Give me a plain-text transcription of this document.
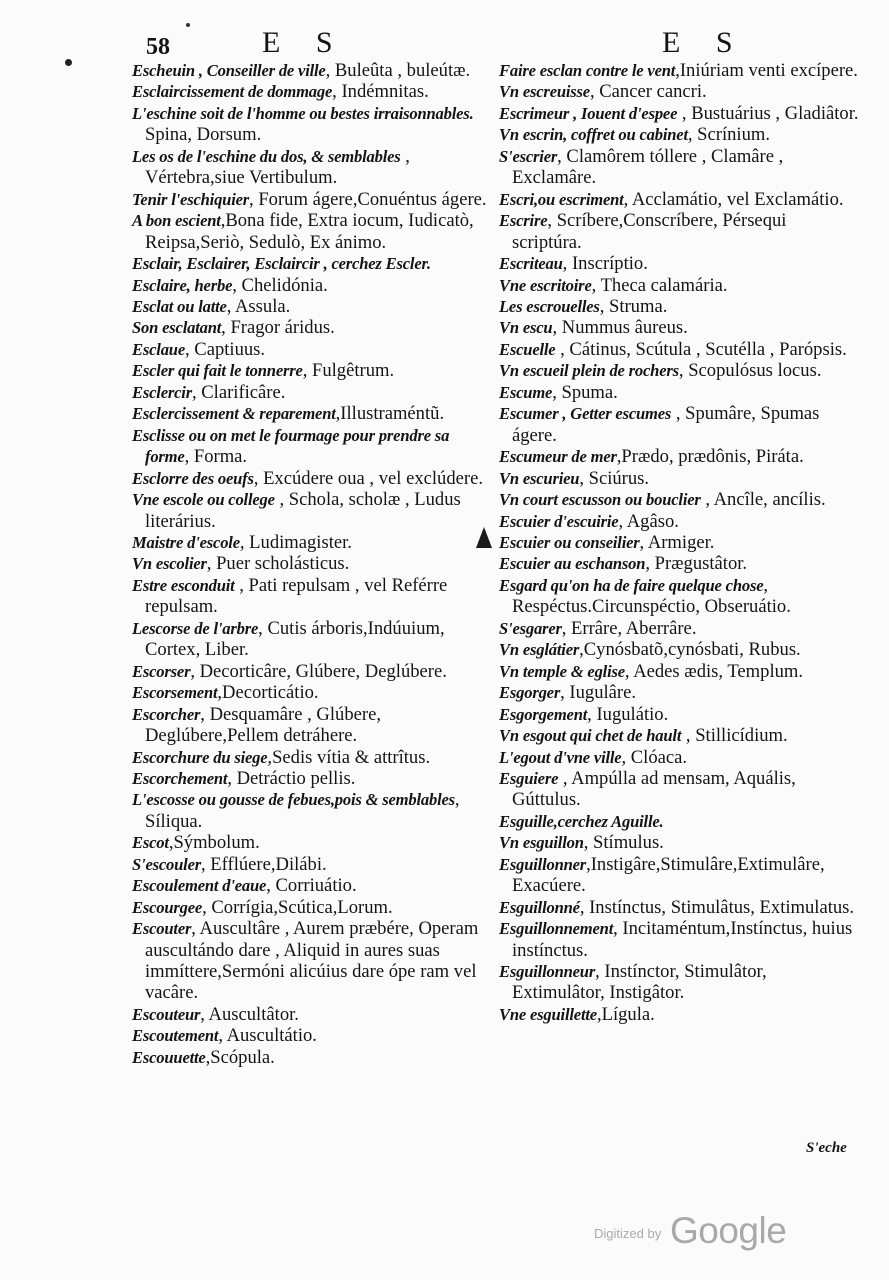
58	E S	E S

Escheuin , Conseiller de ville, Buleûta , buleútæ.

Esclaircissement de dommage, Indémnitas.

L'eschine soit de l'homme ou bestes irraisonnables. Spina, Dorsum.

Les os de l'eschine du dos, & semblables , Vértebra,siue Vertibulum.

Tenir l'eschiquier, Forum ágere,Conuéntus ágere.

A bon escient,Bona fide, Extra iocum, Iudicatò, Reipsa,Seriò, Sedulò, Ex ánimo.

Esclair, Esclairer, Esclaircir , cerchez Escler.

Esclaire, herbe, Chelidónia.

Esclat ou latte, Assula.

Son esclatant, Fragor áridus.

Esclaue, Captiuus.

Escler qui fait le tonnerre, Fulgêtrum.

Esclercir, Clarificâre.

Esclercissement & reparement,Illustraméntũ.

Esclisse ou on met le fourmage pour prendre sa forme, Forma.

Esclorre des oeufs, Excúdere oua , vel exclúdere.

Vne escole ou college , Schola, scholæ , Ludus literárius.

Maistre d'escole, Ludimagister.

Vn escolier, Puer scholásticus.

Estre esconduit , Pati repulsam , vel Reférre repulsam.

Lescorse de l'arbre, Cutis árboris,Indúuium, Cortex, Liber.

Escorser, Decorticâre, Glúbere, Deglúbere.

Escorsement,Decorticátio.

Escorcher, Desquamâre , Glúbere, Deglúbere,Pellem detráhere.

Escorchure du siege,Sedis vítia & attrîtus.

Escorchement, Detráctio pellis.

L'escosse ou gousse de febues,pois & semblables, Síliqua.

Escot,Sýmbolum.

S'escouler, Efflúere,Dilábi.

Escoulement d'eaue, Corriuátio.

Escourgee, Corrígia,Scútica,Lorum.

Escouter, Auscultâre , Aurem præbére, Operam auscultándo dare , Aliquid in aures suas immíttere,Sermóni alicúius dare ópe ram vel vacâre.

Escouteur, Auscultâtor.

Escoutement, Auscultátio.

Escouuette,Scópula.

Faire esclan contre le vent,Iniúriam venti excípere.

Vn escreuisse, Cancer cancri.

Escrimeur , Iouent d'espee , Bustuárius , Gladiâtor.

Vn escrin, coffret ou cabinet, Scrínium.

S'escrier, Clamôrem tóllere , Clamâre , Exclamâre.

Escri,ou escriment, Acclamátio, vel Exclamátio.

Escrire, Scríbere,Conscríbere, Pérsequi scriptúra.

Escriteau, Inscríptio.

Vne escritoire, Theca calamária.

Les escrouelles, Struma.

Vn escu, Nummus âureus.

Escuelle , Cátinus, Scútula , Scutélla , Parópsis.

Vn escueil plein de rochers, Scopulósus locus.

Escume, Spuma.

Escumer , Getter escumes , Spumâre, Spumas ágere.

Escumeur de mer,Prædo, prædônis, Piráta.

Vn escurieu, Sciúrus.

Vn court escusson ou bouclier , Ancîle, ancílis.

Escuier d'escuirie, Agâso.

Escuier ou conseilier, Armiger.

Escuier au eschanson, Prægustâtor.

Esgard qu'on ha de faire quelque chose, Respéctus.Circunspéctio, Obseruátio.

S'esgarer, Errâre, Aberrâre.

Vn esglátier,Cynósbatõ,cynósbati, Rubus.

Vn temple & eglise, Aedes ædis, Templum.

Esgorger, Iugulâre.

Esgorgement, Iugulátio.

Vn esgout qui chet de hault , Stillicídium.

L'egout d'vne ville, Clóaca.

Esguiere , Ampúlla ad mensam, Aquális, Gúttulus.

Esguille,cerchez Aguille.

Vn esguillon, Stímulus.

Esguillonner,Instigâre,Stimulâre,Extimulâre, Exacúere.

Esguillonné, Instínctus, Stimulâtus, Extimulatus.

Esguillonnement, Incitaméntum,Instínctus, huius instínctus.

Esguillonneur, Instínctor, Stimulâtor, Extimulâtor, Instigâtor.

Vne esguillette,Lígula.

S'eche
Digitized by Google
